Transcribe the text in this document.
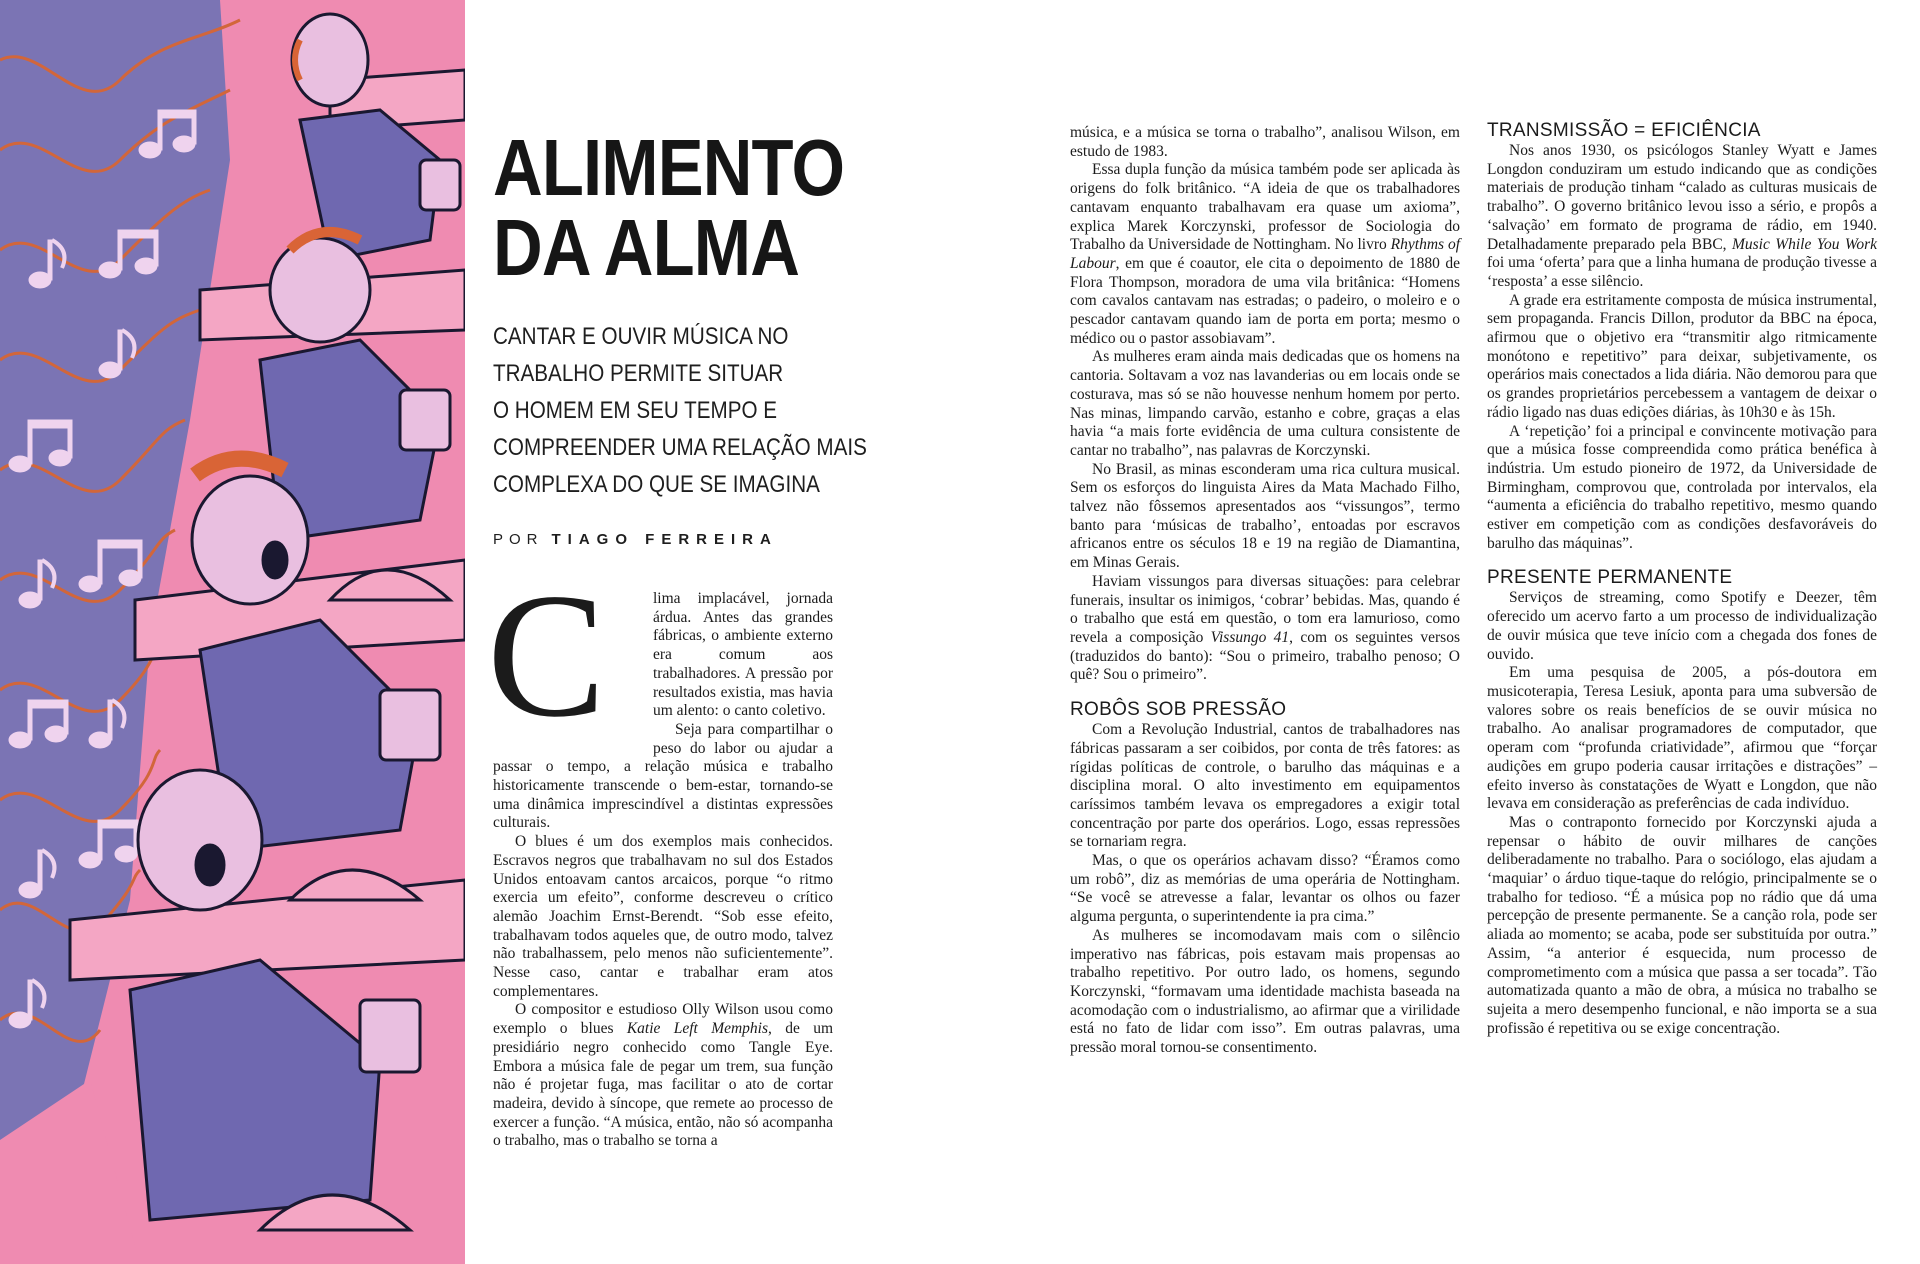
ALIMENTO
DA ALMA
CANTAR E OUVIR MÚSICA NO
TRABALHO PERMITE SITUAR
O HOMEM EM SEU TEMPO E
COMPREENDER UMA RELAÇÃO MAIS
COMPLEXA DO QUE SE IMAGINA
POR TIAGO FERREIRA
C	lima implacável, jornada árdua. Antes das grandes fábricas, o ambiente externo era comum aos trabalhadores. A pressão por resultados existia, mas havia um alento: o canto coletivo.

Seja para compartilhar o peso do labor ou ajudar a passar o tempo, a relação música e trabalho historicamente transcende o bem-estar, tornando-se uma dinâmica imprescindível a distintas expressões culturais.

O blues é um dos exemplos mais conhecidos. Escravos negros que trabalhavam no sul dos Estados Unidos entoavam cantos arcaicos, porque “o ritmo exercia um efeito”, conforme descreveu o crítico alemão Joachim Ernst-Berendt. “Sob esse efeito, trabalhavam todos aqueles que, de outro modo, talvez não trabalhassem, pelo menos não suficientemente”. Nesse caso, cantar e trabalhar eram atos complementares.

O compositor e estudioso Olly Wilson usou como exemplo o blues Katie Left Memphis, de um presidiário negro conhecido como Tangle Eye. Embora a música fale de pegar um trem, sua função não é projetar fuga, mas facilitar o ato de cortar madeira, devido à síncope, que remete ao processo de exercer a função. “A música, então, não só acompanha o trabalho, mas o trabalho se torna a

música, e a música se torna o trabalho”, analisou Wilson, em estudo de 1983.

Essa dupla função da música também pode ser aplicada às origens do folk britânico. “A ideia de que os trabalhadores cantavam enquanto trabalhavam era quase um axioma”, explica Marek Korczynski, professor de Sociologia do Trabalho da Universidade de Nottingham. No livro Rhythms of Labour, em que é coautor, ele cita o depoimento de 1880 de Flora Thompson, moradora de uma vila britânica: “Homens com cavalos cantavam nas estradas; o padeiro, o moleiro e o pescador cantavam quando iam de porta em porta; mesmo o médico ou o pastor assobiavam”.

As mulheres eram ainda mais dedicadas que os homens na cantoria. Soltavam a voz nas lavanderias ou em locais onde se costurava, mas só se não houvesse nenhum homem por perto. Nas minas, limpando carvão, estanho e cobre, graças a elas havia “a mais forte evidência de uma cultura consistente de cantar no trabalho”, nas palavras de Korczynski.

No Brasil, as minas esconderam uma rica cultura musical. Sem os esforços do linguista Aires da Mata Machado Filho, talvez não fôssemos apresentados aos “vissungos”, termo banto para ‘músicas de trabalho’, entoadas por escravos africanos entre os séculos 18 e 19 na região de Diamantina, em Minas Gerais.

Haviam vissungos para diversas situações: para celebrar funerais, insultar os inimigos, ‘cobrar’ bebidas. Mas, quando é o trabalho que está em questão, o tom era lamurioso, como revela a composição Vissungo 41, com os seguintes versos (traduzidos do banto): “Sou o primeiro, trabalho penoso; O quê? Sou o primeiro”.

ROBÔS SOB PRESSÃO

Com a Revolução Industrial, cantos de trabalhadores nas fábricas passaram a ser coibidos, por conta de três fatores: as rígidas políticas de controle, o barulho das máquinas e a disciplina moral. O alto investimento em equipamentos caríssimos também levava os empregadores a exigir total concentração por parte dos operários. Logo, essas repressões se tornariam regra.

Mas, o que os operários achavam disso? “Éramos como um robô”, diz as memórias de uma operária de Nottingham. “Se você se atrevesse a falar, levantar os olhos ou fazer alguma pergunta, o superintendente ia pra cima.”

As mulheres se incomodavam mais com o silêncio imperativo nas fábricas, pois estavam mais propensas ao trabalho repetitivo. Por outro lado, os homens, segundo Korczynski, “formavam uma identidade machista baseada na acomodação com o industrialismo, ao afirmar que a virilidade está no fato de lidar com isso”. Em outras palavras, uma pressão moral tornou-se consentimento.

TRANSMISSÃO = EFICIÊNCIA

Nos anos 1930, os psicólogos Stanley Wyatt e James Longdon conduziram um estudo indicando que as condições materiais de produção tinham “calado as culturas musicais de trabalho”. O governo britânico levou isso a sério, e propôs a ‘salvação’ em formato de programa de rádio, em 1940. Detalhadamente preparado pela BBC, Music While You Work foi uma ‘oferta’ para que a linha humana de produção tivesse a ‘resposta’ a esse silêncio.

A grade era estritamente composta de música instrumental, sem propaganda. Francis Dillon, produtor da BBC na época, afirmou que o objetivo era “transmitir algo ritmicamente monótono e repetitivo” para deixar, subjetivamente, os operários mais conectados a lida diária. Não demorou para que os grandes proprietários percebessem a vantagem de deixar o rádio ligado nas duas edições diárias, às 10h30 e às 15h.

A ‘repetição’ foi a principal e convincente motivação para que a música fosse compreendida como prática benéfica à indústria. Um estudo pioneiro de 1972, da Universidade de Birmingham, comprovou que, controlada por intervalos, ela “aumenta a eficiência do trabalho repetitivo, mesmo quando estiver em competição com as condições desfavoráveis do barulho das máquinas”.

PRESENTE PERMANENTE

Serviços de streaming, como Spotify e Deezer, têm oferecido um acervo farto a um processo de individualização de ouvir música que teve início com a chegada dos fones de ouvido.

Em uma pesquisa de 2005, a pós-doutora em musicoterapia, Teresa Lesiuk, aponta para uma subversão de valores sobre os reais benefícios de se ouvir música no trabalho. Ao analisar programadores de computador, que operam com “profunda criatividade”, afirmou que “forçar audições em grupo poderia causar irritações e distrações” – efeito inverso às constatações de Wyatt e Longdon, que não levava em consideração as preferências de cada indivíduo.

Mas o contraponto fornecido por Korczynski ajuda a repensar o hábito de ouvir milhares de canções deliberadamente no trabalho. Para o sociólogo, elas ajudam a ‘maquiar’ o árduo tique-taque do relógio, principalmente se o trabalho for tedioso. “É a música pop no rádio que dá uma percepção de presente permanente. Se a canção rola, pode ser aliada ao momento; se acaba, pode ser substituída por outra.” Assim, “a anterior é esquecida, num processo de comprometimento com a música que passa a ser tocada”. Tão automatizada quanto a mão de obra, a música no trabalho se sujeita a mero desempenho funcional, e não importa se a sua profissão é repetitiva ou se exige concentração.
